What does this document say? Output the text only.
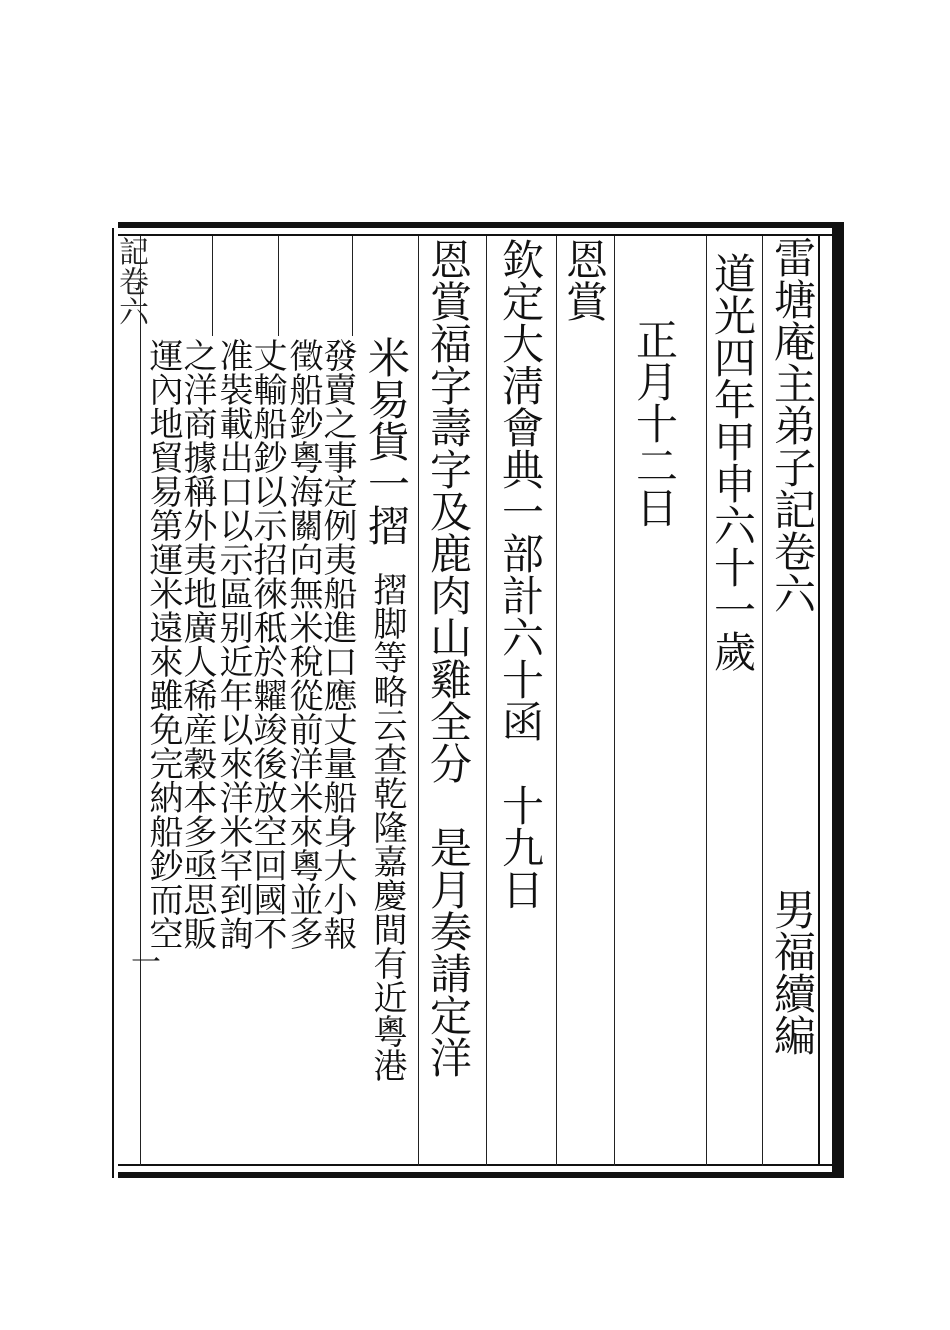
雷塘庵主弟子記卷六
男福續編
道光四年甲申六十一歲
正月十二日
恩賞
欽定大淸會典一部計六十函　十九日
恩賞福字壽字及鹿肉山雞全分　是月奏請定洋
米易貨一摺
摺脚等略云查乾隆嘉慶間有近粵港
發賣之事定例夷船進口應丈量船身大小報
徵船鈔粵海關向無米稅從前洋米來粵並多
丈輸船鈔以示招徠秪於糶竣後放空回國不
准裝載出口以示區别近年以來洋米罕到詢
之洋商據稱外夷地廣人稀産穀本多亟思販
運內地貿易第運米遠來雖免完納船鈔而空
記卷六
一
